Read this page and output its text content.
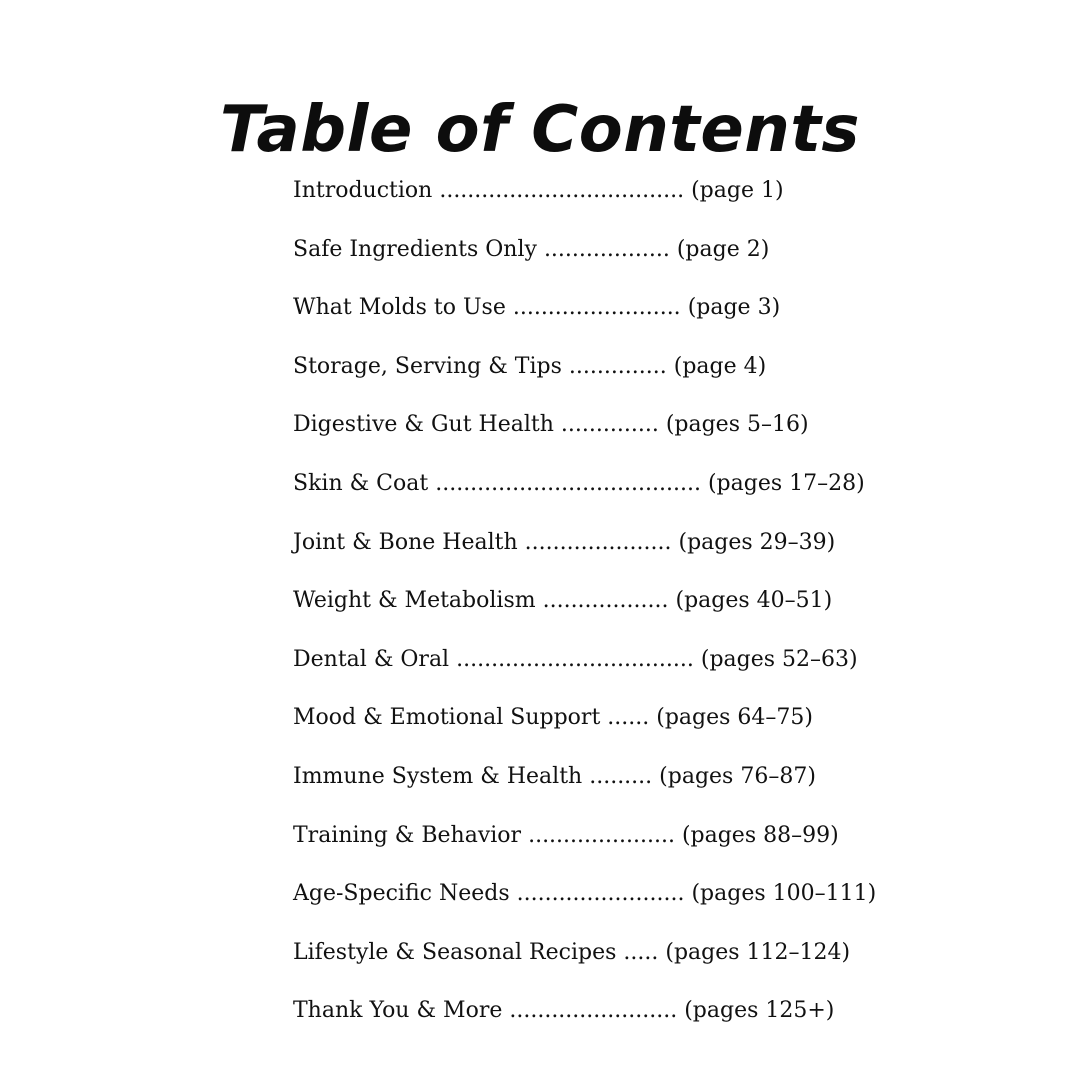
Table of Contents
Introduction ................................... (page 1)
Safe Ingredients Only .................. (page 2)
What Molds to Use ........................ (page 3)
Storage, Serving & Tips .............. (page 4)
Digestive & Gut Health .............. (pages 5–16)
Skin & Coat ...................................... (pages 17–28)
Joint & Bone Health ..................... (pages 29–39)
Weight & Metabolism .................. (pages 40–51)
Dental & Oral .................................. (pages 52–63)
Mood & Emotional Support ...... (pages 64–75)
Immune System & Health ......... (pages 76–87)
Training & Behavior ..................... (pages 88–99)
Age-Specific Needs ........................ (pages 100–111)
Lifestyle & Seasonal Recipes ..... (pages 112–124)
Thank You & More ........................ (pages 125+)
